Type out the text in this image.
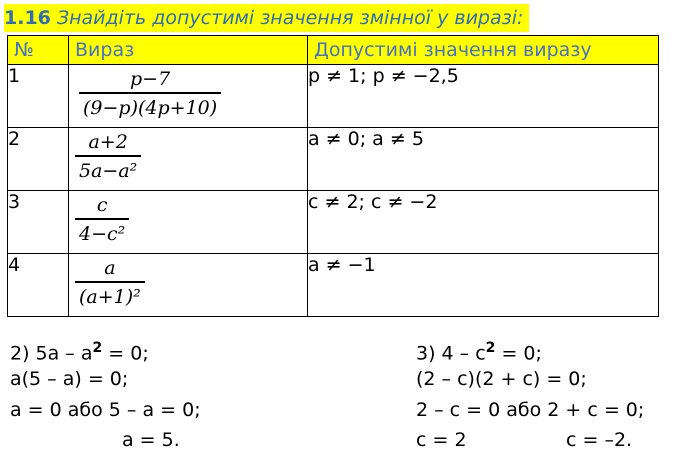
1.16 Знайдіть допустимі значення змінної у виразі:
№	Вираз	Допустимі значення виразу
1	$\frac{p-7}{(9-p)(4p+10)}$	p ≠ 1; p ≠ −2,5
2	$\frac{a+2}{\text{5a−a²}}$	a ≠ 0; a ≠ 5
3	$\frac{c}{\text{4−c²}}$	c ≠ 2; c ≠ −2
4	$\frac{a}{\text{(a+1)²}}$	a ≠ −1
2) $5a - a^2 = 0$;
a(5 – a) = 0;
a = 0 або 5 – a = 0;
a = 5.
3) $4 - c^2 = 0$;
(2 – c)(2 + c) = 0;
2 – c = 0 або 2 + c = 0;
c = 2	c = –2.
